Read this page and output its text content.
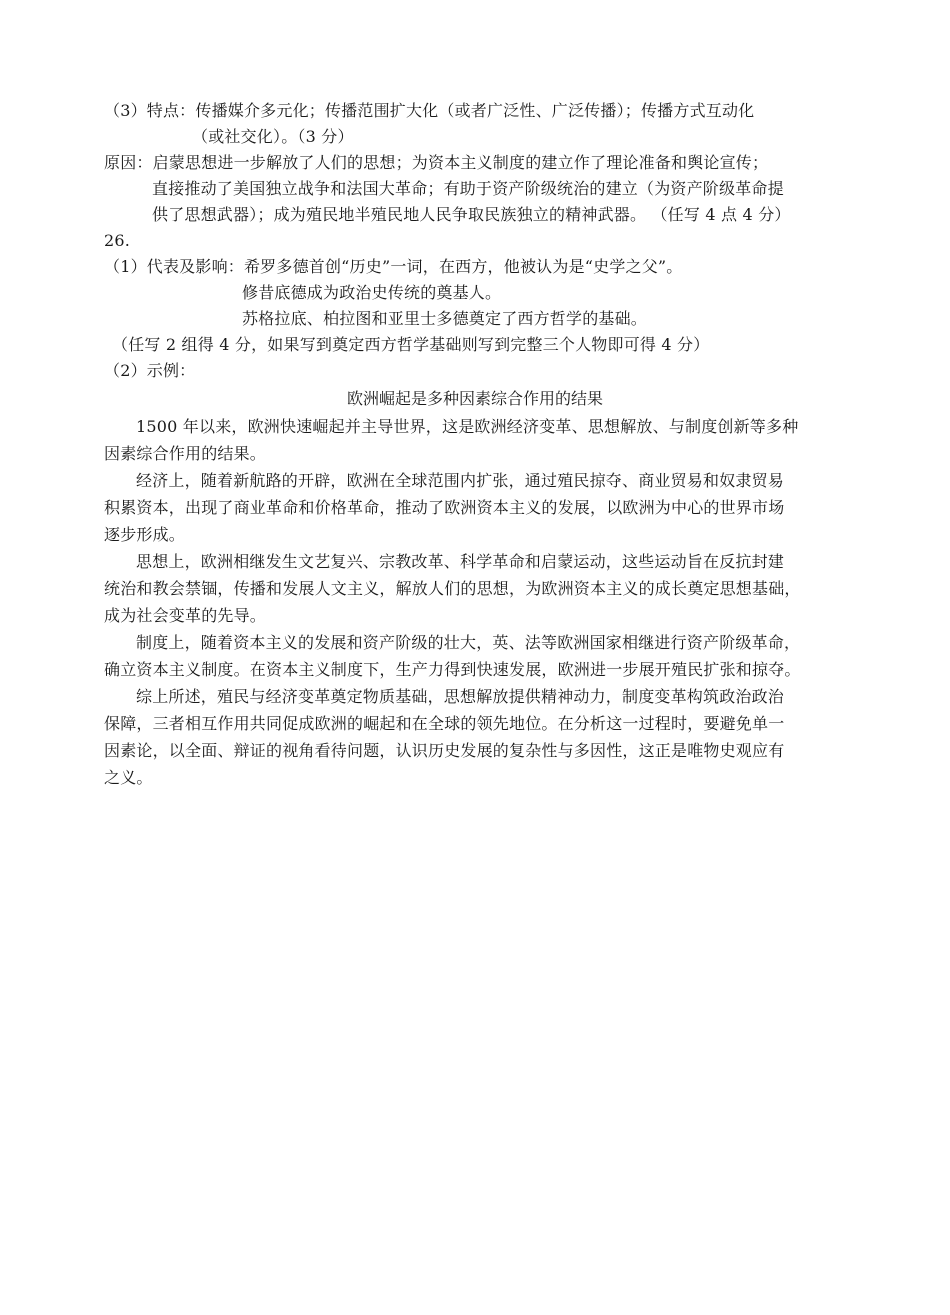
（3）特点：传播媒介多元化；传播范围扩大化（或者广泛性、广泛传播）；传播方式互动化
（或社交化）。（3 分）
原因：启蒙思想进一步解放了人们的思想；为资本主义制度的建立作了理论准备和舆论宣传；
直接推动了美国独立战争和法国大革命；有助于资产阶级统治的建立（为资产阶级革命提
供了思想武器）；成为殖民地半殖民地人民争取民族独立的精神武器。 （任写 4 点 4 分）
26.
（1）代表及影响：希罗多德首创“历史”一词，在西方，他被认为是“史学之父”。
修昔底德成为政治史传统的奠基人。
苏格拉底、柏拉图和亚里士多德奠定了西方哲学的基础。
（任写 2 组得 4 分，如果写到奠定西方哲学基础则写到完整三个人物即可得 4 分）
（2）示例：
欧洲崛起是多种因素综合作用的结果
1500 年以来，欧洲快速崛起并主导世界，这是欧洲经济变革、思想解放、与制度创新等多种
因素综合作用的结果。
经济上，随着新航路的开辟，欧洲在全球范围内扩张，通过殖民掠夺、商业贸易和奴隶贸易
积累资本，出现了商业革命和价格革命，推动了欧洲资本主义的发展，以欧洲为中心的世界市场
逐步形成。
思想上，欧洲相继发生文艺复兴、宗教改革、科学革命和启蒙运动，这些运动旨在反抗封建
统治和教会禁锢，传播和发展人文主义，解放人们的思想，为欧洲资本主义的成长奠定思想基础，
成为社会变革的先导。
制度上，随着资本主义的发展和资产阶级的壮大，英、法等欧洲国家相继进行资产阶级革命，
确立资本主义制度。在资本主义制度下，生产力得到快速发展，欧洲进一步展开殖民扩张和掠夺。
综上所述，殖民与经济变革奠定物质基础，思想解放提供精神动力，制度变革构筑政治政治
保障，三者相互作用共同促成欧洲的崛起和在全球的领先地位。在分析这一过程时，要避免单一
因素论，以全面、辩证的视角看待问题，认识历史发展的复杂性与多因性，这正是唯物史观应有
之义。
